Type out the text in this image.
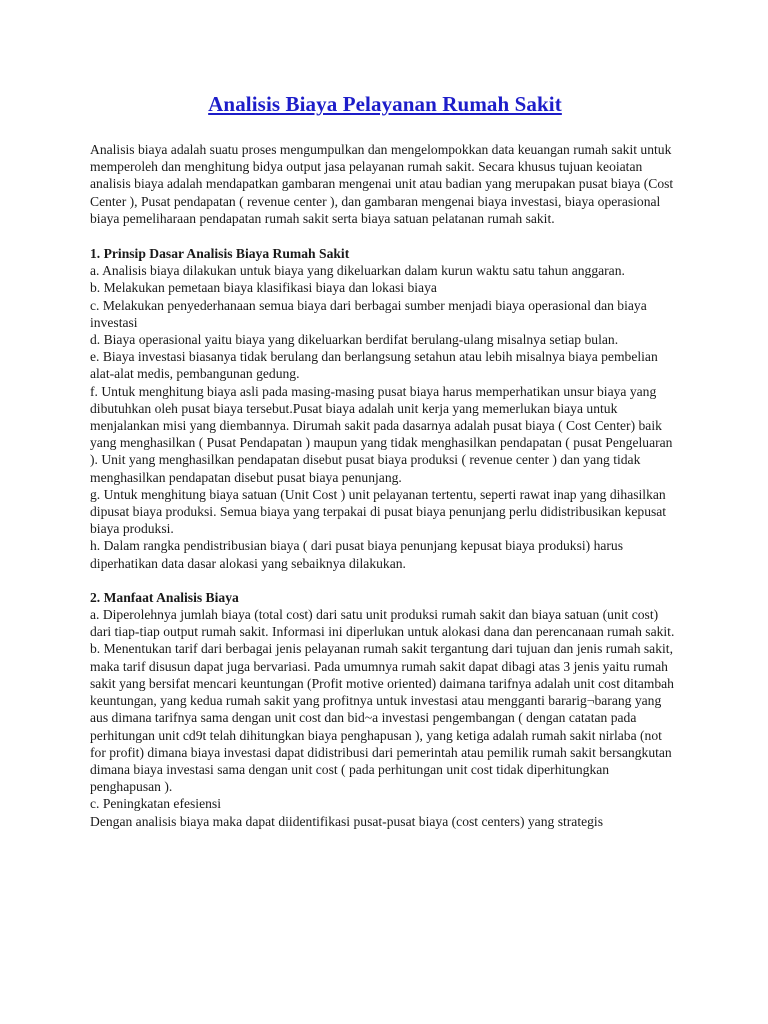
Analisis Biaya Pelayanan Rumah Sakit

Analisis biaya adalah suatu proses mengumpulkan dan mengelompokkan data keuangan rumah sakit untuk memperoleh dan menghitung bidya output jasa pelayanan rumah sakit. Secara khusus tujuan keoiatan analisis biaya adalah mendapatkan gambaran mengenai unit atau badian yang merupakan pusat biaya (Cost Center ), Pusat pendapatan ( revenue center ), dan gambaran mengenai biaya investasi, biaya operasional biaya pemeliharaan pendapatan rumah sakit serta biaya satuan pelatanan rumah sakit.

1. Prinsip Dasar Analisis Biaya Rumah Sakit

a. Analisis biaya dilakukan untuk biaya yang dikeluarkan dalam kurun waktu satu tahun anggaran.

b. Melakukan pemetaan biaya klasifikasi biaya dan lokasi biaya

c. Melakukan penyederhanaan semua biaya dari berbagai sumber menjadi biaya operasional dan biaya investasi

d. Biaya operasional yaitu biaya yang dikeluarkan berdifat berulang-ulang misalnya setiap bulan.

e. Biaya investasi biasanya tidak berulang dan berlangsung setahun atau lebih misalnya biaya pembelian alat-alat medis, pembangunan gedung.

f. Untuk menghitung biaya asli pada masing-masing pusat biaya harus memperhatikan unsur biaya yang dibutuhkan oleh pusat biaya tersebut.Pusat biaya adalah unit kerja yang memerlukan biaya untuk menjalankan misi yang diembannya. Dirumah sakit pada dasarnya adalah pusat biaya ( Cost Center) baik yang menghasilkan ( Pusat Pendapatan ) maupun yang tidak menghasilkan pendapatan ( pusat Pengeluaran ). Unit yang menghasilkan pendapatan disebut pusat biaya produksi ( revenue center ) dan yang tidak menghasilkan pendapatan disebut pusat biaya penunjang.

g. Untuk menghitung biaya satuan (Unit Cost ) unit pelayanan tertentu, seperti rawat inap yang dihasilkan dipusat biaya produksi. Semua biaya yang terpakai di pusat biaya penunjang perlu didistribusikan kepusat biaya produksi.

h. Dalam rangka pendistribusian biaya ( dari pusat biaya penunjang kepusat biaya produksi) harus diperhatikan data dasar alokasi yang sebaiknya dilakukan.

2. Manfaat Analisis Biaya

a. Diperolehnya jumlah biaya (total cost) dari satu unit produksi rumah sakit dan biaya satuan (unit cost) dari tiap-tiap output rumah sakit. Informasi ini diperlukan untuk alokasi dana dan perencanaan rumah sakit.

b. Menentukan tarif dari berbagai jenis pelayanan rumah sakit tergantung dari tujuan dan jenis rumah sakit, maka tarif disusun dapat juga bervariasi. Pada umumnya rumah sakit dapat dibagi atas 3 jenis yaitu rumah sakit yang bersifat mencari keuntungan (Profit motive oriented) daimana tarifnya adalah unit cost ditambah keuntungan, yang kedua rumah sakit yang profitnya untuk investasi atau mengganti bararig¬barang yang aus dimana tarifnya sama dengan unit cost dan bid~a investasi pengembangan ( dengan catatan pada perhitungan unit cd9t telah dihitungkan biaya penghapusan ), yang ketiga adalah rumah sakit nirlaba (not for profit) dimana biaya investasi dapat didistribusi dari pemerintah atau pemilik rumah sakit bersangkutan dimana biaya investasi sama dengan unit cost ( pada perhitungan unit cost tidak diperhitungkan penghapusan ).

c. Peningkatan efesiensi

Dengan analisis biaya maka dapat diidentifikasi pusat-pusat biaya (cost centers) yang strategis
